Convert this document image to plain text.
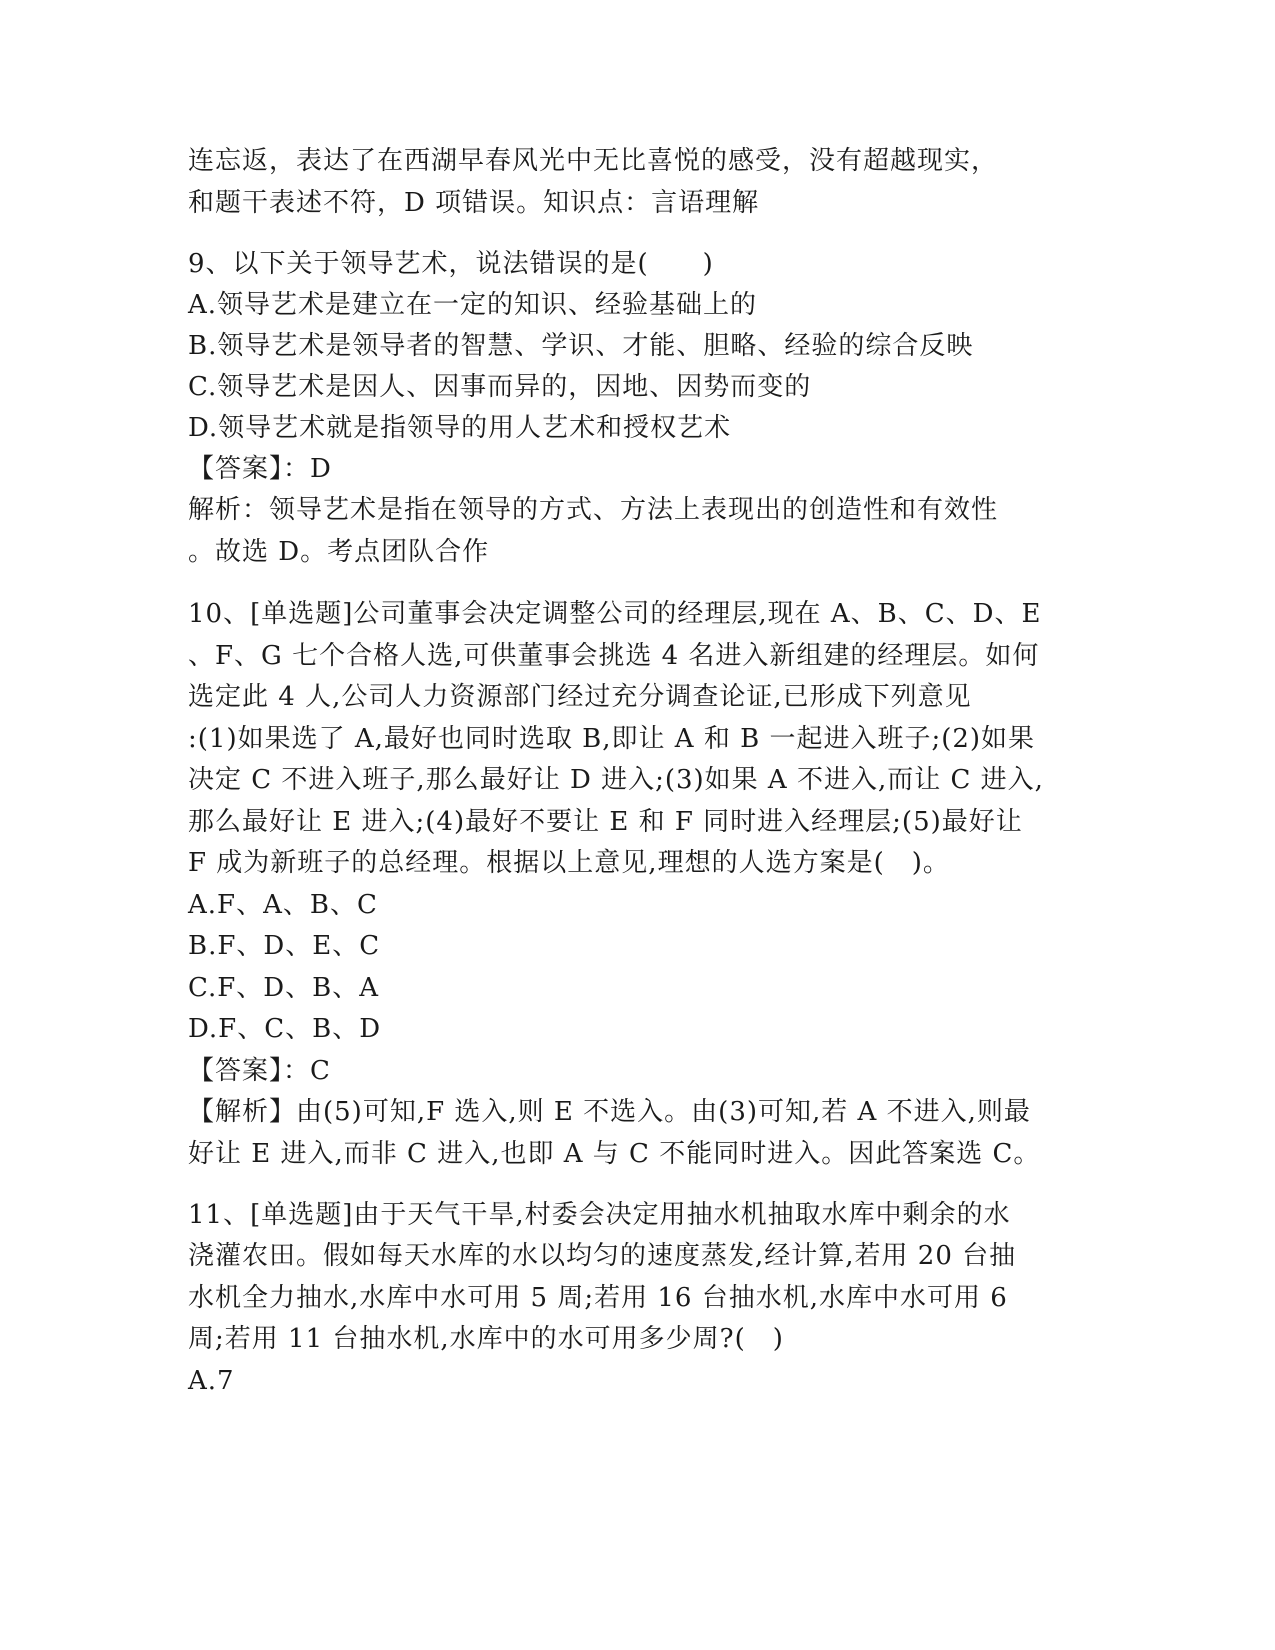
连忘返，表达了在西湖早春风光中无比喜悦的感受，没有超越现实，
和题干表述不符，D 项错误。知识点：言语理解
9、以下关于领导艺术，说法错误的是(　　)
A.领导艺术是建立在一定的知识、经验基础上的
B.领导艺术是领导者的智慧、学识、才能、胆略、经验的综合反映
C.领导艺术是因人、因事而异的，因地、因势而变的
D.领导艺术就是指领导的用人艺术和授权艺术
【答案】：D
解析：领导艺术是指在领导的方式、方法上表现出的创造性和有效性
。故选 D。考点团队合作
10、[单选题]公司董事会决定调整公司的经理层,现在 A、B、C、D、E
、F、G 七个合格人选,可供董事会挑选 4 名进入新组建的经理层。如何
选定此 4 人,公司人力资源部门经过充分调查论证,已形成下列意见
:(1)如果选了 A,最好也同时选取 B,即让 A 和 B 一起进入班子;(2)如果
决定 C 不进入班子,那么最好让 D 进入;(3)如果 A 不进入,而让 C 进入,
那么最好让 E 进入;(4)最好不要让 E 和 F 同时进入经理层;(5)最好让
F 成为新班子的总经理。根据以上意见,理想的人选方案是(　)。
A.F、A、B、C
B.F、D、E、C
C.F、D、B、A
D.F、C、B、D
【答案】：C
【解析】由(5)可知,F 选入,则 E 不选入。由(3)可知,若 A 不进入,则最
好让 E 进入,而非 C 进入,也即 A 与 C 不能同时进入。因此答案选 C。
11、[单选题]由于天气干旱,村委会决定用抽水机抽取水库中剩余的水
浇灌农田。假如每天水库的水以均匀的速度蒸发,经计算,若用 20 台抽
水机全力抽水,水库中水可用 5 周;若用 16 台抽水机,水库中水可用 6
周;若用 11 台抽水机,水库中的水可用多少周?(　)
A.7
